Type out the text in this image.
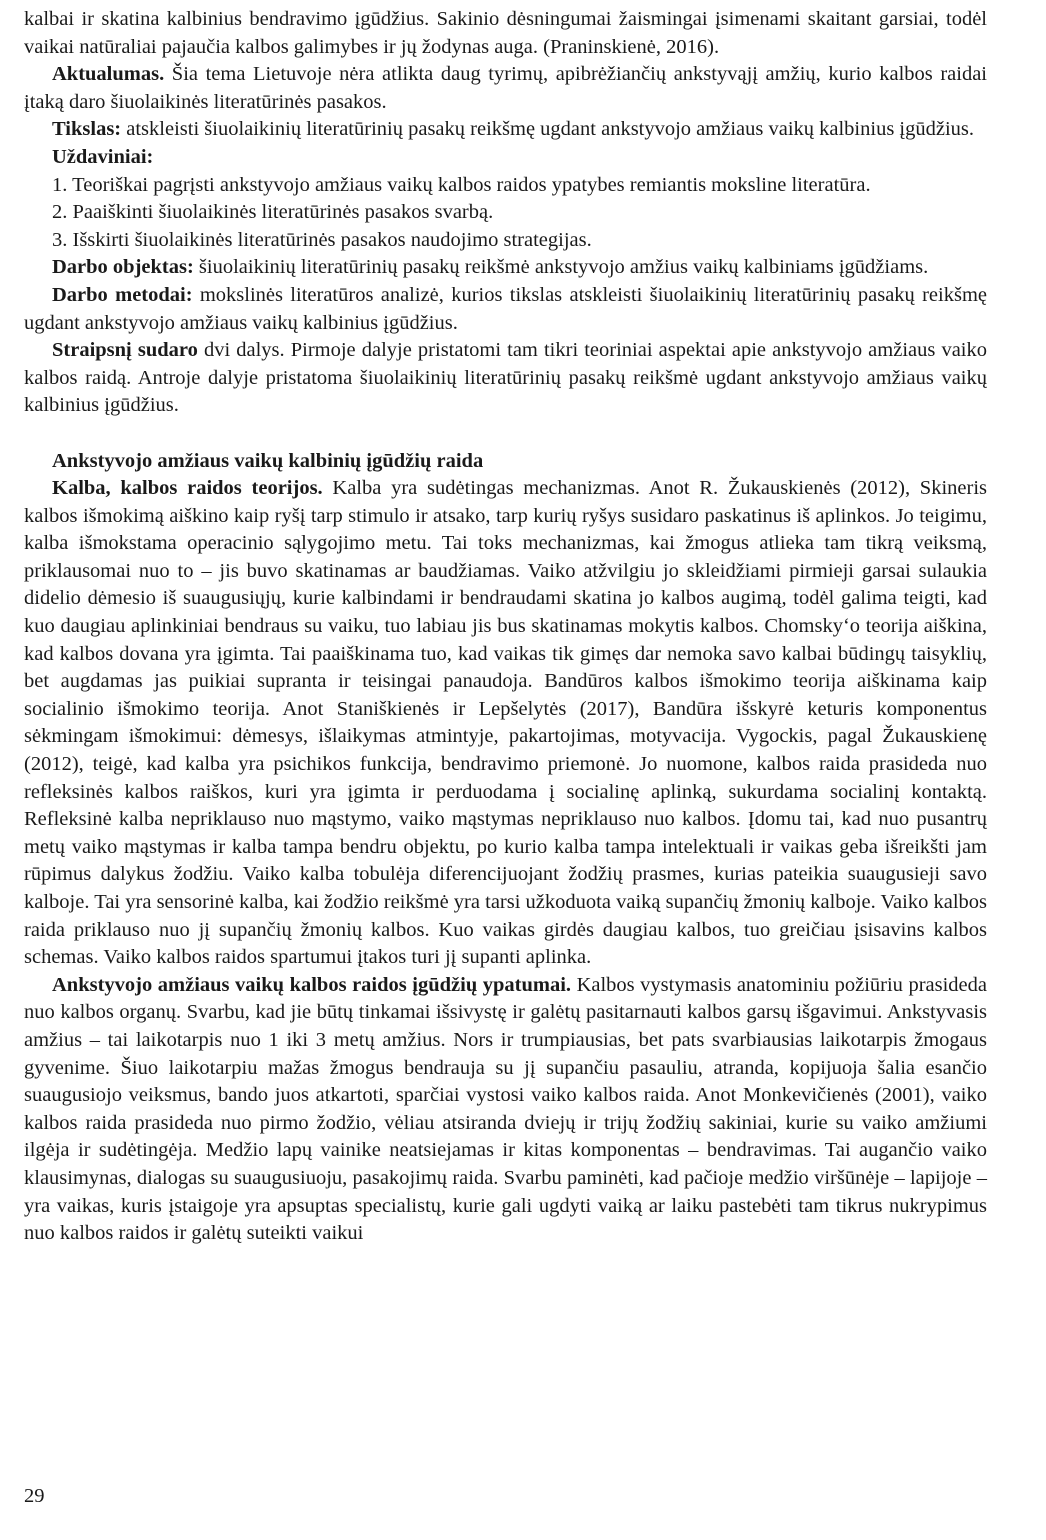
kalbai ir skatina kalbinius bendravimo įgūdžius. Sakinio dėsningumai žaismingai įsimenami skaitant garsiai, todėl vaikai natūraliai pajaučia kalbos galimybes ir jų žodynas auga. (Praninskienė, 2016).

Aktualumas. Šia tema Lietuvoje nėra atlikta daug tyrimų, apibrėžiančių ankstyvąjį amžių, kurio kalbos raidai įtaką daro šiuolaikinės literatūrinės pasakos.

Tikslas: atskleisti šiuolaikinių literatūrinių pasakų reikšmę ugdant ankstyvojo amžiaus vaikų kalbinius įgūdžius.

Uždaviniai:

1. Teoriškai pagrįsti ankstyvojo amžiaus vaikų kalbos raidos ypatybes remiantis moksline literatūra.

2. Paaiškinti šiuolaikinės literatūrinės pasakos svarbą.

3. Išskirti šiuolaikinės literatūrinės pasakos naudojimo strategijas.

Darbo objektas: šiuolaikinių literatūrinių pasakų reikšmė ankstyvojo amžius vaikų kalbiniams įgūdžiams.

Darbo metodai: mokslinės literatūros analizė, kurios tikslas atskleisti šiuolaikinių literatūrinių pasakų reikšmę ugdant ankstyvojo amžiaus vaikų kalbinius įgūdžius.

Straipsnį sudaro dvi dalys. Pirmoje dalyje pristatomi tam tikri teoriniai aspektai apie ankstyvojo amžiaus vaiko kalbos raidą. Antroje dalyje pristatoma šiuolaikinių literatūrinių pasakų reikšmė ugdant ankstyvojo amžiaus vaikų kalbinius įgūdžius.

Ankstyvojo amžiaus vaikų kalbinių įgūdžių raida

Kalba, kalbos raidos teorijos. Kalba yra sudėtingas mechanizmas. Anot R. Žukauskienės (2012), Skineris kalbos išmokimą aiškino kaip ryšį tarp stimulo ir atsako, tarp kurių ryšys susidaro paskatinus iš aplinkos. Jo teigimu, kalba išmokstama operacinio sąlygojimo metu. Tai toks mechanizmas, kai žmogus atlieka tam tikrą veiksmą, priklausomai nuo to – jis buvo skatinamas ar baudžiamas. Vaiko atžvilgiu jo skleidžiami pirmieji garsai sulaukia didelio dėmesio iš suaugusiųjų, kurie kalbindami ir bendraudami skatina jo kalbos augimą, todėl galima teigti, kad kuo daugiau aplinkiniai bendraus su vaiku, tuo labiau jis bus skatinamas mokytis kalbos. Chomsky‘o teorija aiškina, kad kalbos dovana yra įgimta. Tai paaiškinama tuo, kad vaikas tik gimęs dar nemoka savo kalbai būdingų taisyklių, bet augdamas jas puikiai supranta ir teisingai panaudoja. Bandūros kalbos išmokimo teorija aiškinama kaip socialinio išmokimo teorija. Anot Staniškienės ir Lepšelytės (2017), Bandūra išskyrė keturis komponentus sėkmingam išmokimui: dėmesys, išlaikymas atmintyje, pakartojimas, motyvacija. Vygockis, pagal Žukauskienę (2012), teigė, kad kalba yra psichikos funkcija, bendravimo priemonė. Jo nuomone, kalbos raida prasideda nuo refleksinės kalbos raiškos, kuri yra įgimta ir perduodama į socialinę aplinką, sukurdama socialinį kontaktą. Refleksinė kalba nepriklauso nuo mąstymo, vaiko mąstymas nepriklauso nuo kalbos. Įdomu tai, kad nuo pusantrų metų vaiko mąstymas ir kalba tampa bendru objektu, po kurio kalba tampa intelektuali ir vaikas geba išreikšti jam rūpimus dalykus žodžiu. Vaiko kalba tobulėja diferencijuojant žodžių prasmes, kurias pateikia suaugusieji savo kalboje. Tai yra sensorinė kalba, kai žodžio reikšmė yra tarsi užkoduota vaiką supančių žmonių kalboje. Vaiko kalbos raida priklauso nuo jį supančių žmonių kalbos. Kuo vaikas girdės daugiau kalbos, tuo greičiau įsisavins kalbos schemas. Vaiko kalbos raidos spartumui įtakos turi jį supanti aplinka.

Ankstyvojo amžiaus vaikų kalbos raidos įgūdžių ypatumai. Kalbos vystymasis anatominiu požiūriu prasideda nuo kalbos organų. Svarbu, kad jie būtų tinkamai išsivystę ir galėtų pasitarnauti kalbos garsų išgavimui. Ankstyvasis amžius – tai laikotarpis nuo 1 iki 3 metų amžius. Nors ir trumpiausias, bet pats svarbiausias laikotarpis žmogaus gyvenime. Šiuo laikotarpiu mažas žmogus bendrauja su jį supančiu pasauliu, atranda, kopijuoja šalia esančio suaugusiojo veiksmus, bando juos atkartoti, sparčiai vystosi vaiko kalbos raida. Anot Monkevičienės (2001), vaiko kalbos raida prasideda nuo pirmo žodžio, vėliau atsiranda dviejų ir trijų žodžių sakiniai, kurie su vaiko amžiumi ilgėja ir sudėtingėja. Medžio lapų vainike neatsiejamas ir kitas komponentas – bendravimas. Tai augančio vaiko klausimynas, dialogas su suaugusiuoju, pasakojimų raida. Svarbu paminėti, kad pačioje medžio viršūnėje – lapijoje – yra vaikas, kuris įstaigoje yra apsuptas specialistų, kurie gali ugdyti vaiką ar laiku pastebėti tam tikrus nukrypimus nuo kalbos raidos ir galėtų suteikti vaikui

29
